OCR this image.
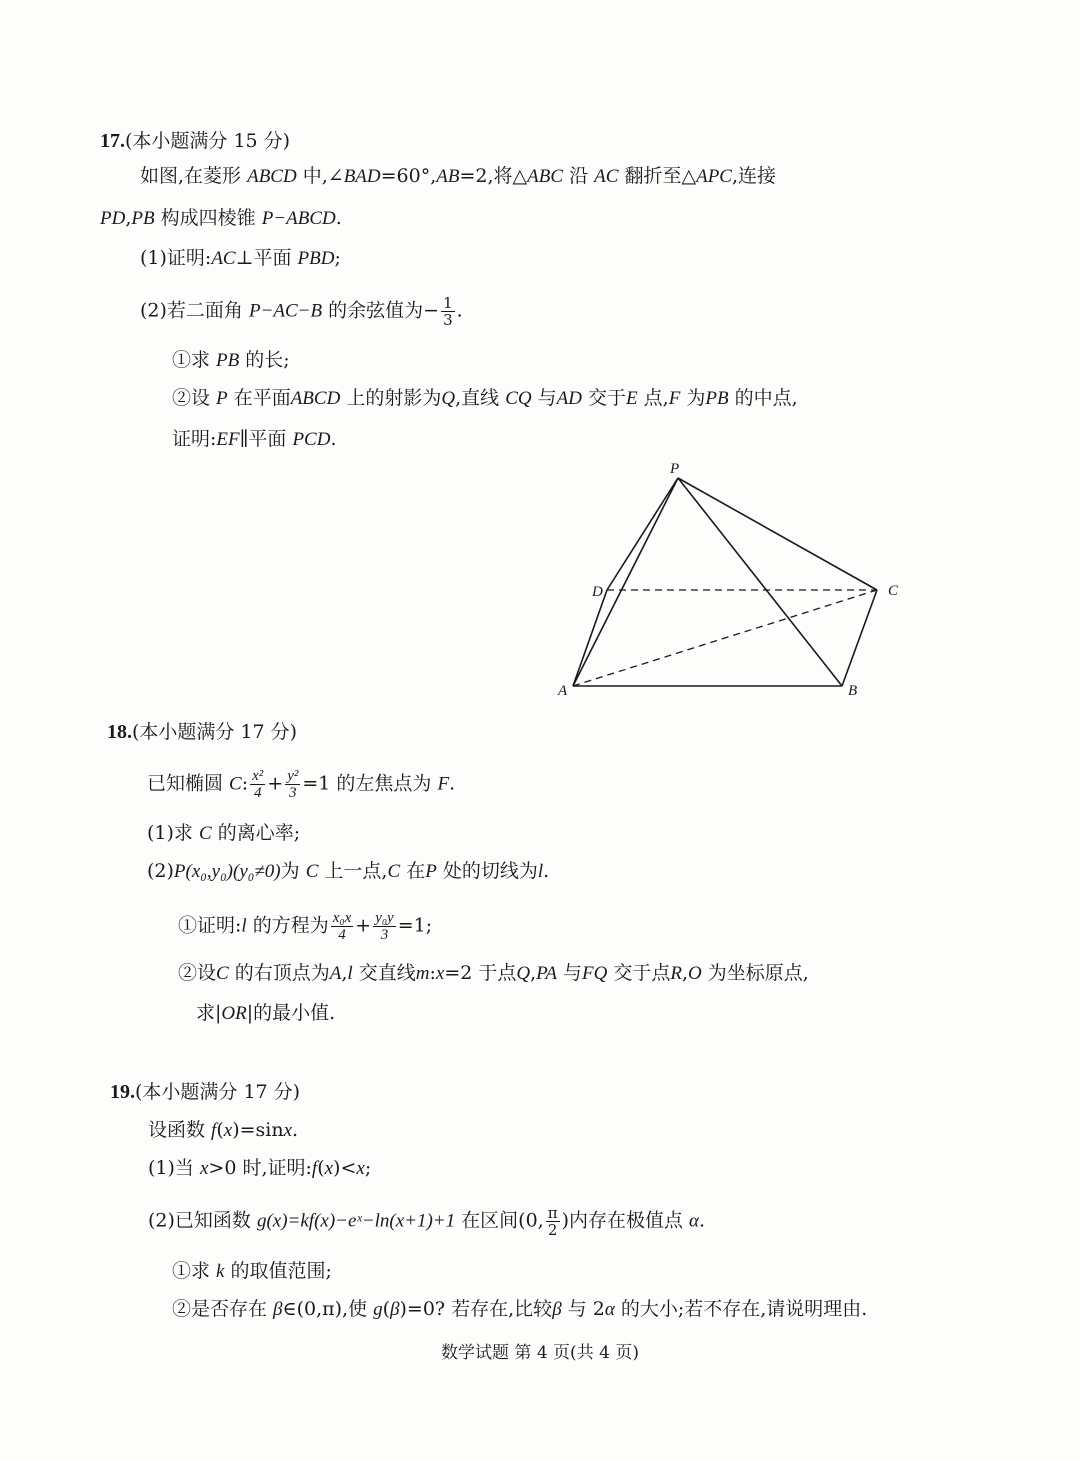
17.(本小题满分 15 分)
如图,在菱形 ABCD 中,∠BAD=60°,AB=2,将△ABC 沿 AC 翻折至△APC,连接
PD,PB 构成四棱锥 P−ABCD.
(1)证明:AC⊥平面 PBD;
(2)若二面角 P−AC−B 的余弦值为− $\frac{1}{3}$ .
①求 PB 的长;
②设 P 在平面ABCD 上的射影为Q,直线 CQ 与AD 交于E 点,F 为PB 的中点,
证明:EF∥平面 PCD.
P
D	C
A	B
18.(本小题满分 17 分)
已知椭圆 C: $\frac{\text{x²}}{4} + \frac{\text{y²}}{3} =1$ 的左焦点为 F.
(1)求 C 的离心率;
(2)P(x₀,y₀)(y₀≠0)为 C 上一点,C 在P 处的切线为l.
①证明:l 的方程为 $\frac{\text{x₀x}}{4} + \frac{\text{y₀y}}{3} =1$;
②设C 的右顶点为A,l 交直线m:x=2 于点Q,PA 与FQ 交于点R,O 为坐标原点,
求|OR|的最小值.
19.(本小题满分 17 分)
设函数 f(x)=sinx.
(1)当 x>0 时,证明:f(x)<x;
(2)已知函数 g(x)=kf(x)−eˣ−ln(x+1)+1 在区间(0, $\frac{\pi}{2}$ )内存在极值点 α.
①求 k 的取值范围;
②是否存在 β∈(0,π),使 g(β)=0? 若存在,比较β 与 2α 的大小;若不存在,请说明理由.
数学试题 第 4 页(共 4 页)
